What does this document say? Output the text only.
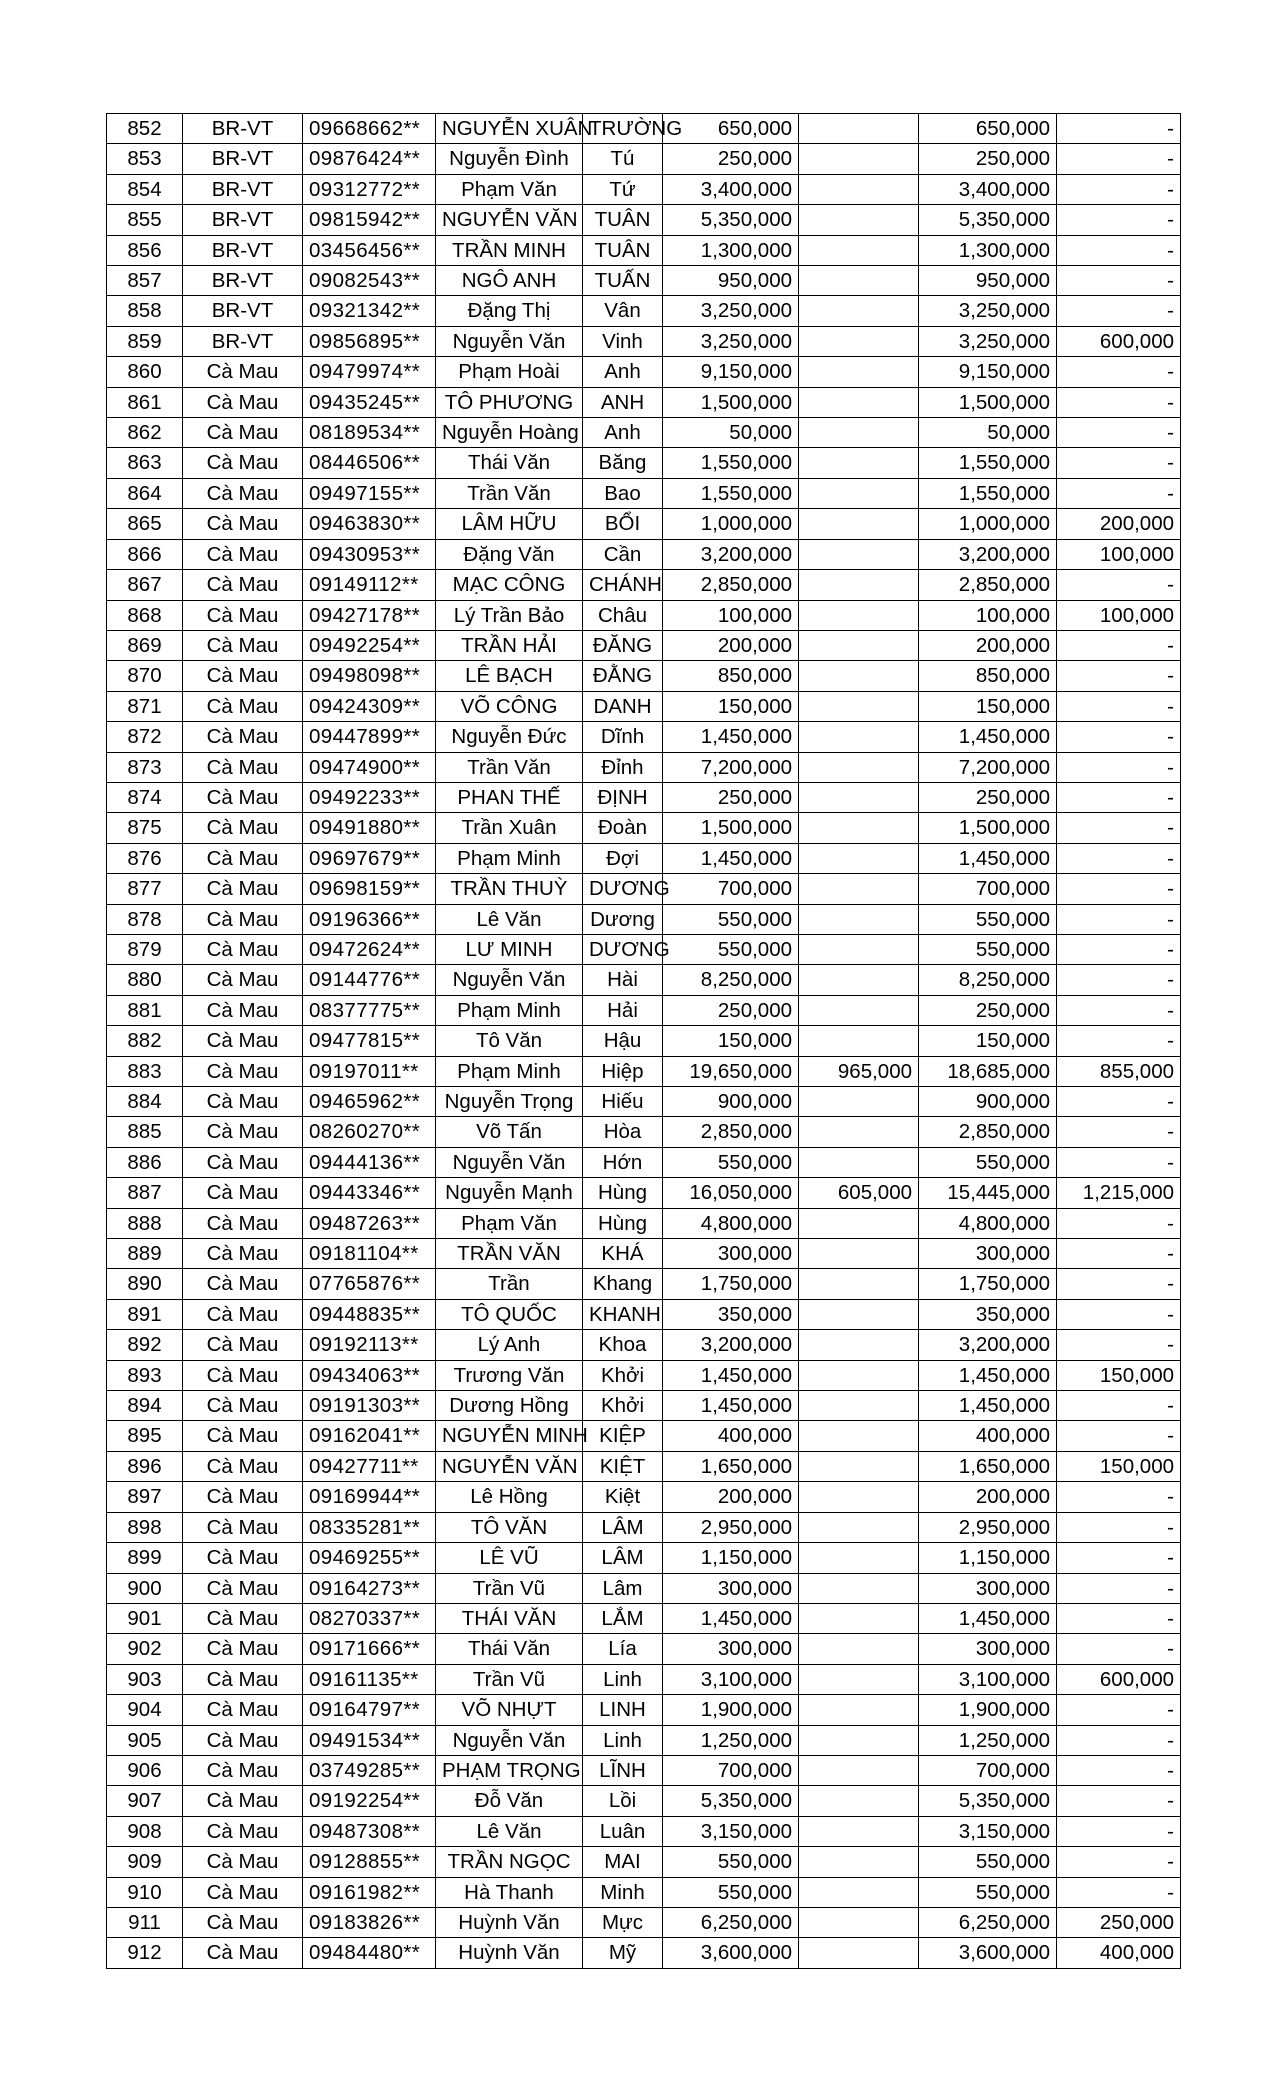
852	BR-VT	09668662**	NGUYỄN XUÂN	TRƯỜNG	650,000		650,000	-
853	BR-VT	09876424**	Nguyễn Đình	Tú	250,000		250,000	-
854	BR-VT	09312772**	Phạm Văn	Tứ	3,400,000		3,400,000	-
855	BR-VT	09815942**	NGUYỄN VĂN	TUÂN	5,350,000		5,350,000	-
856	BR-VT	03456456**	TRẦN MINH	TUÂN	1,300,000		1,300,000	-
857	BR-VT	09082543**	NGÔ ANH	TUẤN	950,000		950,000	-
858	BR-VT	09321342**	Đặng Thị	Vân	3,250,000		3,250,000	-
859	BR-VT	09856895**	Nguyễn Văn	Vinh	3,250,000		3,250,000	600,000
860	Cà Mau	09479974**	Phạm Hoài	Anh	9,150,000		9,150,000	-
861	Cà Mau	09435245**	TÔ PHƯƠNG	ANH	1,500,000		1,500,000	-
862	Cà Mau	08189534**	Nguyễn Hoàng	Anh	50,000		50,000	-
863	Cà Mau	08446506**	Thái Văn	Băng	1,550,000		1,550,000	-
864	Cà Mau	09497155**	Trần Văn	Bao	1,550,000		1,550,000	-
865	Cà Mau	09463830**	LÂM HỮU	BỔI	1,000,000		1,000,000	200,000
866	Cà Mau	09430953**	Đặng Văn	Cần	3,200,000		3,200,000	100,000
867	Cà Mau	09149112**	MẠC CÔNG	CHÁNH	2,850,000		2,850,000	-
868	Cà Mau	09427178**	Lý Trần Bảo	Châu	100,000		100,000	100,000
869	Cà Mau	09492254**	TRẦN HẢI	ĐĂNG	200,000		200,000	-
870	Cà Mau	09498098**	LÊ BẠCH	ĐẰNG	850,000		850,000	-
871	Cà Mau	09424309**	VÕ CÔNG	DANH	150,000		150,000	-
872	Cà Mau	09447899**	Nguyễn Đức	Dĩnh	1,450,000		1,450,000	-
873	Cà Mau	09474900**	Trần Văn	Đỉnh	7,200,000		7,200,000	-
874	Cà Mau	09492233**	PHAN THẾ	ĐỊNH	250,000		250,000	-
875	Cà Mau	09491880**	Trần Xuân	Đoàn	1,500,000		1,500,000	-
876	Cà Mau	09697679**	Phạm Minh	Đợi	1,450,000		1,450,000	-
877	Cà Mau	09698159**	TRẦN THUỲ	DƯƠNG	700,000		700,000	-
878	Cà Mau	09196366**	Lê Văn	Dương	550,000		550,000	-
879	Cà Mau	09472624**	LƯ MINH	DƯƠNG	550,000		550,000	-
880	Cà Mau	09144776**	Nguyễn Văn	Hài	8,250,000		8,250,000	-
881	Cà Mau	08377775**	Phạm Minh	Hải	250,000		250,000	-
882	Cà Mau	09477815**	Tô Văn	Hậu	150,000		150,000	-
883	Cà Mau	09197011**	Phạm Minh	Hiệp	19,650,000	965,000	18,685,000	855,000
884	Cà Mau	09465962**	Nguyễn Trọng	Hiếu	900,000		900,000	-
885	Cà Mau	08260270**	Võ Tấn	Hòa	2,850,000		2,850,000	-
886	Cà Mau	09444136**	Nguyễn Văn	Hớn	550,000		550,000	-
887	Cà Mau	09443346**	Nguyễn Mạnh	Hùng	16,050,000	605,000	15,445,000	1,215,000
888	Cà Mau	09487263**	Phạm Văn	Hùng	4,800,000		4,800,000	-
889	Cà Mau	09181104**	TRẦN VĂN	KHÁ	300,000		300,000	-
890	Cà Mau	07765876**	Trần	Khang	1,750,000		1,750,000	-
891	Cà Mau	09448835**	TÔ QUỐC	KHANH	350,000		350,000	-
892	Cà Mau	09192113**	Lý Anh	Khoa	3,200,000		3,200,000	-
893	Cà Mau	09434063**	Trương Văn	Khởi	1,450,000		1,450,000	150,000
894	Cà Mau	09191303**	Dương Hồng	Khởi	1,450,000		1,450,000	-
895	Cà Mau	09162041**	NGUYỄN MINH	KIỆP	400,000		400,000	-
896	Cà Mau	09427711**	NGUYỄN VĂN	KIỆT	1,650,000		1,650,000	150,000
897	Cà Mau	09169944**	Lê Hồng	Kiệt	200,000		200,000	-
898	Cà Mau	08335281**	TÔ VĂN	LÂM	2,950,000		2,950,000	-
899	Cà Mau	09469255**	LÊ VŨ	LÂM	1,150,000		1,150,000	-
900	Cà Mau	09164273**	Trần Vũ	Lâm	300,000		300,000	-
901	Cà Mau	08270337**	THÁI VĂN	LẮM	1,450,000		1,450,000	-
902	Cà Mau	09171666**	Thái Văn	Lía	300,000		300,000	-
903	Cà Mau	09161135**	Trần Vũ	Linh	3,100,000		3,100,000	600,000
904	Cà Mau	09164797**	VÕ NHỰT	LINH	1,900,000		1,900,000	-
905	Cà Mau	09491534**	Nguyễn Văn	Linh	1,250,000		1,250,000	-
906	Cà Mau	03749285**	PHẠM TRỌNG	LĨNH	700,000		700,000	-
907	Cà Mau	09192254**	Đỗ Văn	Lồi	5,350,000		5,350,000	-
908	Cà Mau	09487308**	Lê Văn	Luân	3,150,000		3,150,000	-
909	Cà Mau	09128855**	TRẦN NGỌC	MAI	550,000		550,000	-
910	Cà Mau	09161982**	Hà Thanh	Minh	550,000		550,000	-
911	Cà Mau	09183826**	Huỳnh Văn	Mực	6,250,000		6,250,000	250,000
912	Cà Mau	09484480**	Huỳnh Văn	Mỹ	3,600,000		3,600,000	400,000
